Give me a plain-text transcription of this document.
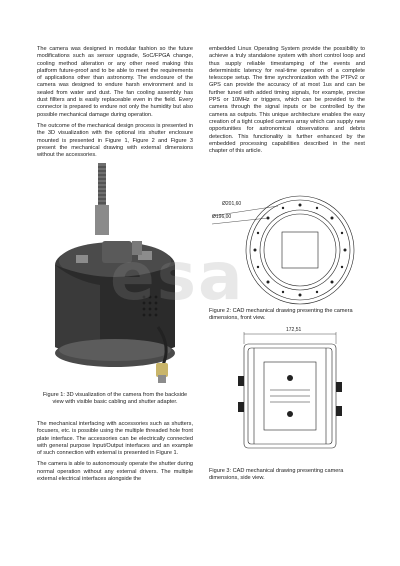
The camera was designed in modular fashion so the future modifications such as sensor upgrade, SoC/FPGA change, cooling method alteration or any other need making this platform future-proof and to be able to meet the requirements of applications other than astronomy. The enclosure of the camera was designed to endure harsh environment and is sealed from water and dust. The fan cooling assembly has dust fillters and is easily replaceable even in the field. Every connector is prepared to endure not only the humidity but also possible mechanical damage during operation.

The outcome of the mechanical design process is presented in the 3D visualization with the optional iris shutter enclosure mounted is presented in Figure 1, Figure 2 and Figure 3 present the mechanical drawing with external dimensions without the accessories.

Figure 1: 3D visualization of the camera from the backside view with visible basic cabling and shutter adapter.

The mechanical interfacing with accessories such as shutters, focusers, etc. is possible using the multiple threaded hole front plate interface. The accessories can be electrically connected with general purpose Input/Output interfaces and an example of such connection with external is presented in Figure 1.

The camera is able to autonomously operate the shutter during normal operation without any external drivers. The multiple external electrical interfaces alongside the

embedded Linux Operating System provide the possibility to achieve a truly standalone system with short control loop and thus supply reliable timestamping of the events and deterministic latency for real-time operation of a complete telescope setup. The time synchronization with the PTPv2 or GPS can provide the accuracy of at most 1us and can be further tuned with added timing signals, for example, precise PPS or 10MHz or triggers, which can be provided to the camera through the signal inputs or be controlled by the camera as outputs. This unique architecture enables the easy creation of a tight coupled camera array which can supply new opportunities for astronomical observations and debris detection. This functionality is further enhanced by the embedded processing capabilities described in the next chapter of this article.

Ø201,60
Ø196,00
Figure 2: CAD mechanical drawing presenting the camera dimensions, front view.
172,51
Figure 3: CAD mechanical drawing presenting camera dimensions, side view.
esa
